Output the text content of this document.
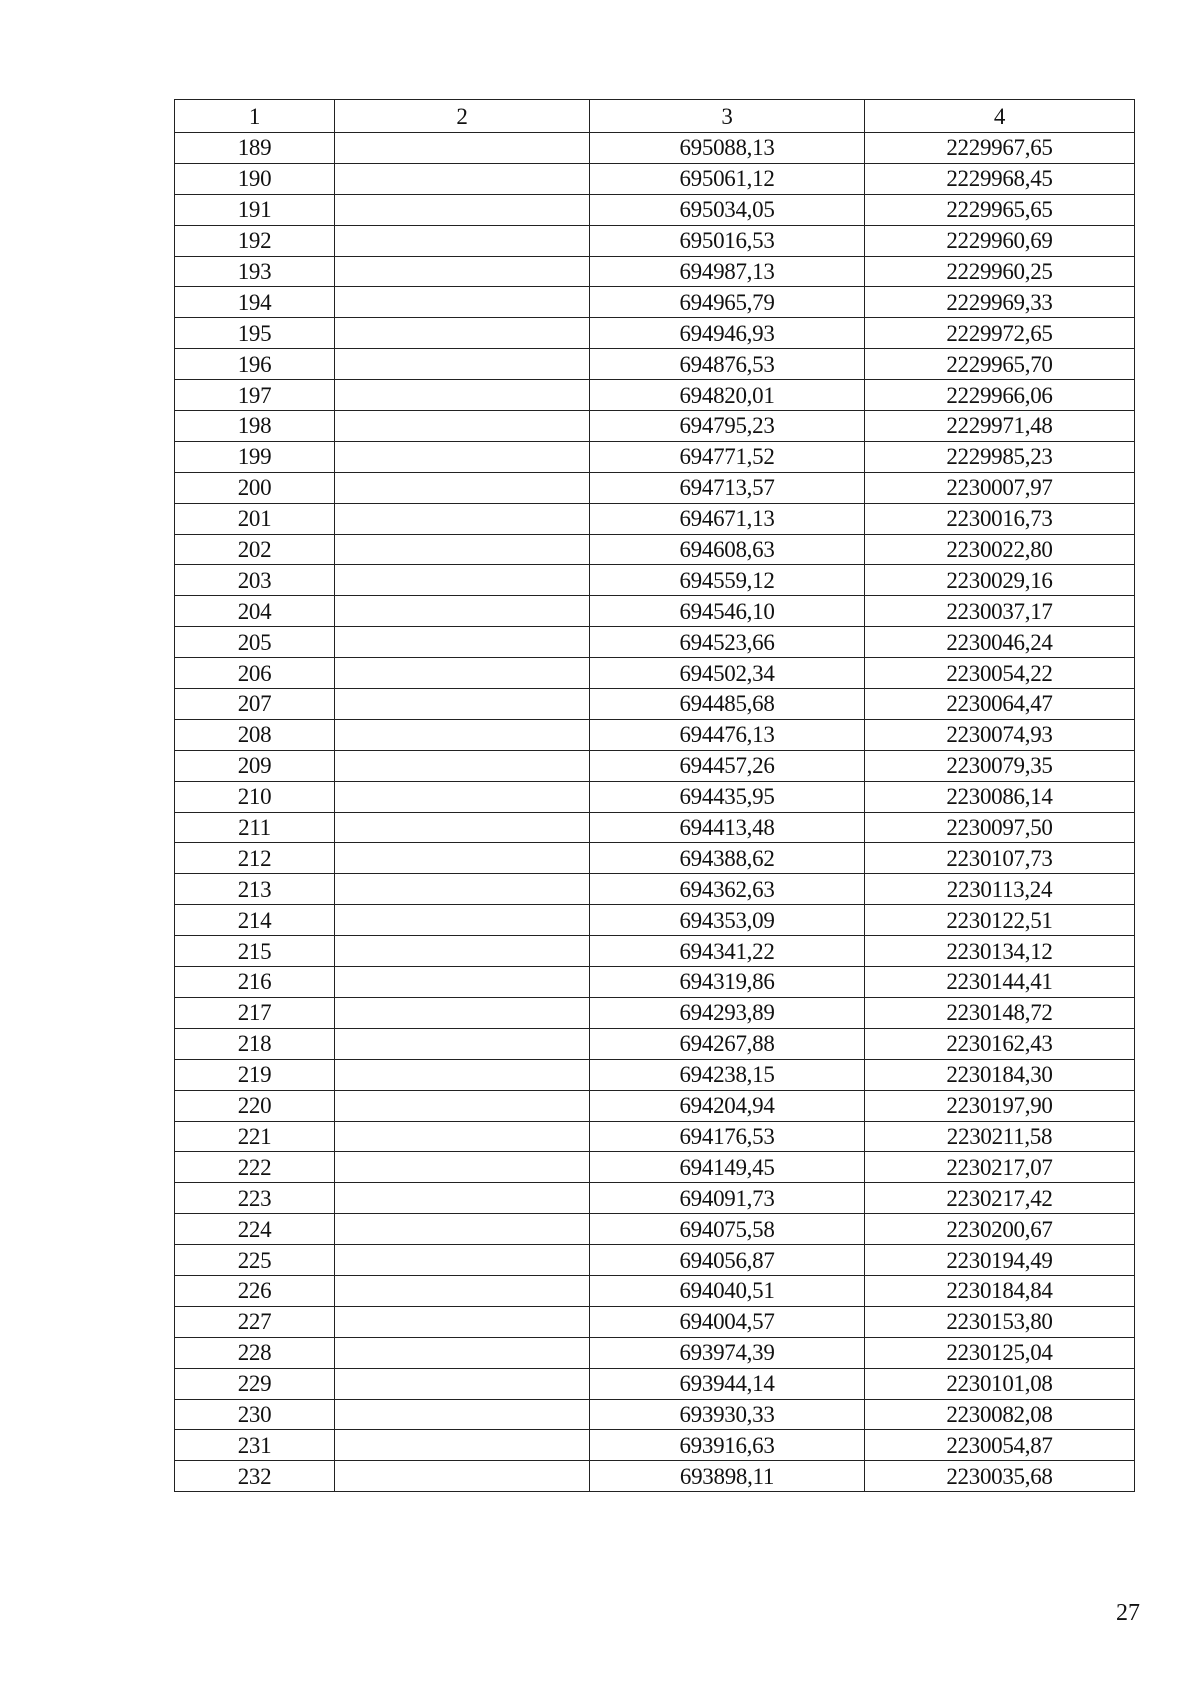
1	2	3	4
189		695088,13	2229967,65
190		695061,12	2229968,45
191		695034,05	2229965,65
192		695016,53	2229960,69
193		694987,13	2229960,25
194		694965,79	2229969,33
195		694946,93	2229972,65
196		694876,53	2229965,70
197		694820,01	2229966,06
198		694795,23	2229971,48
199		694771,52	2229985,23
200		694713,57	2230007,97
201		694671,13	2230016,73
202		694608,63	2230022,80
203		694559,12	2230029,16
204		694546,10	2230037,17
205		694523,66	2230046,24
206		694502,34	2230054,22
207		694485,68	2230064,47
208		694476,13	2230074,93
209		694457,26	2230079,35
210		694435,95	2230086,14
211		694413,48	2230097,50
212		694388,62	2230107,73
213		694362,63	2230113,24
214		694353,09	2230122,51
215		694341,22	2230134,12
216		694319,86	2230144,41
217		694293,89	2230148,72
218		694267,88	2230162,43
219		694238,15	2230184,30
220		694204,94	2230197,90
221		694176,53	2230211,58
222		694149,45	2230217,07
223		694091,73	2230217,42
224		694075,58	2230200,67
225		694056,87	2230194,49
226		694040,51	2230184,84
227		694004,57	2230153,80
228		693974,39	2230125,04
229		693944,14	2230101,08
230		693930,33	2230082,08
231		693916,63	2230054,87
232		693898,11	2230035,68
27
